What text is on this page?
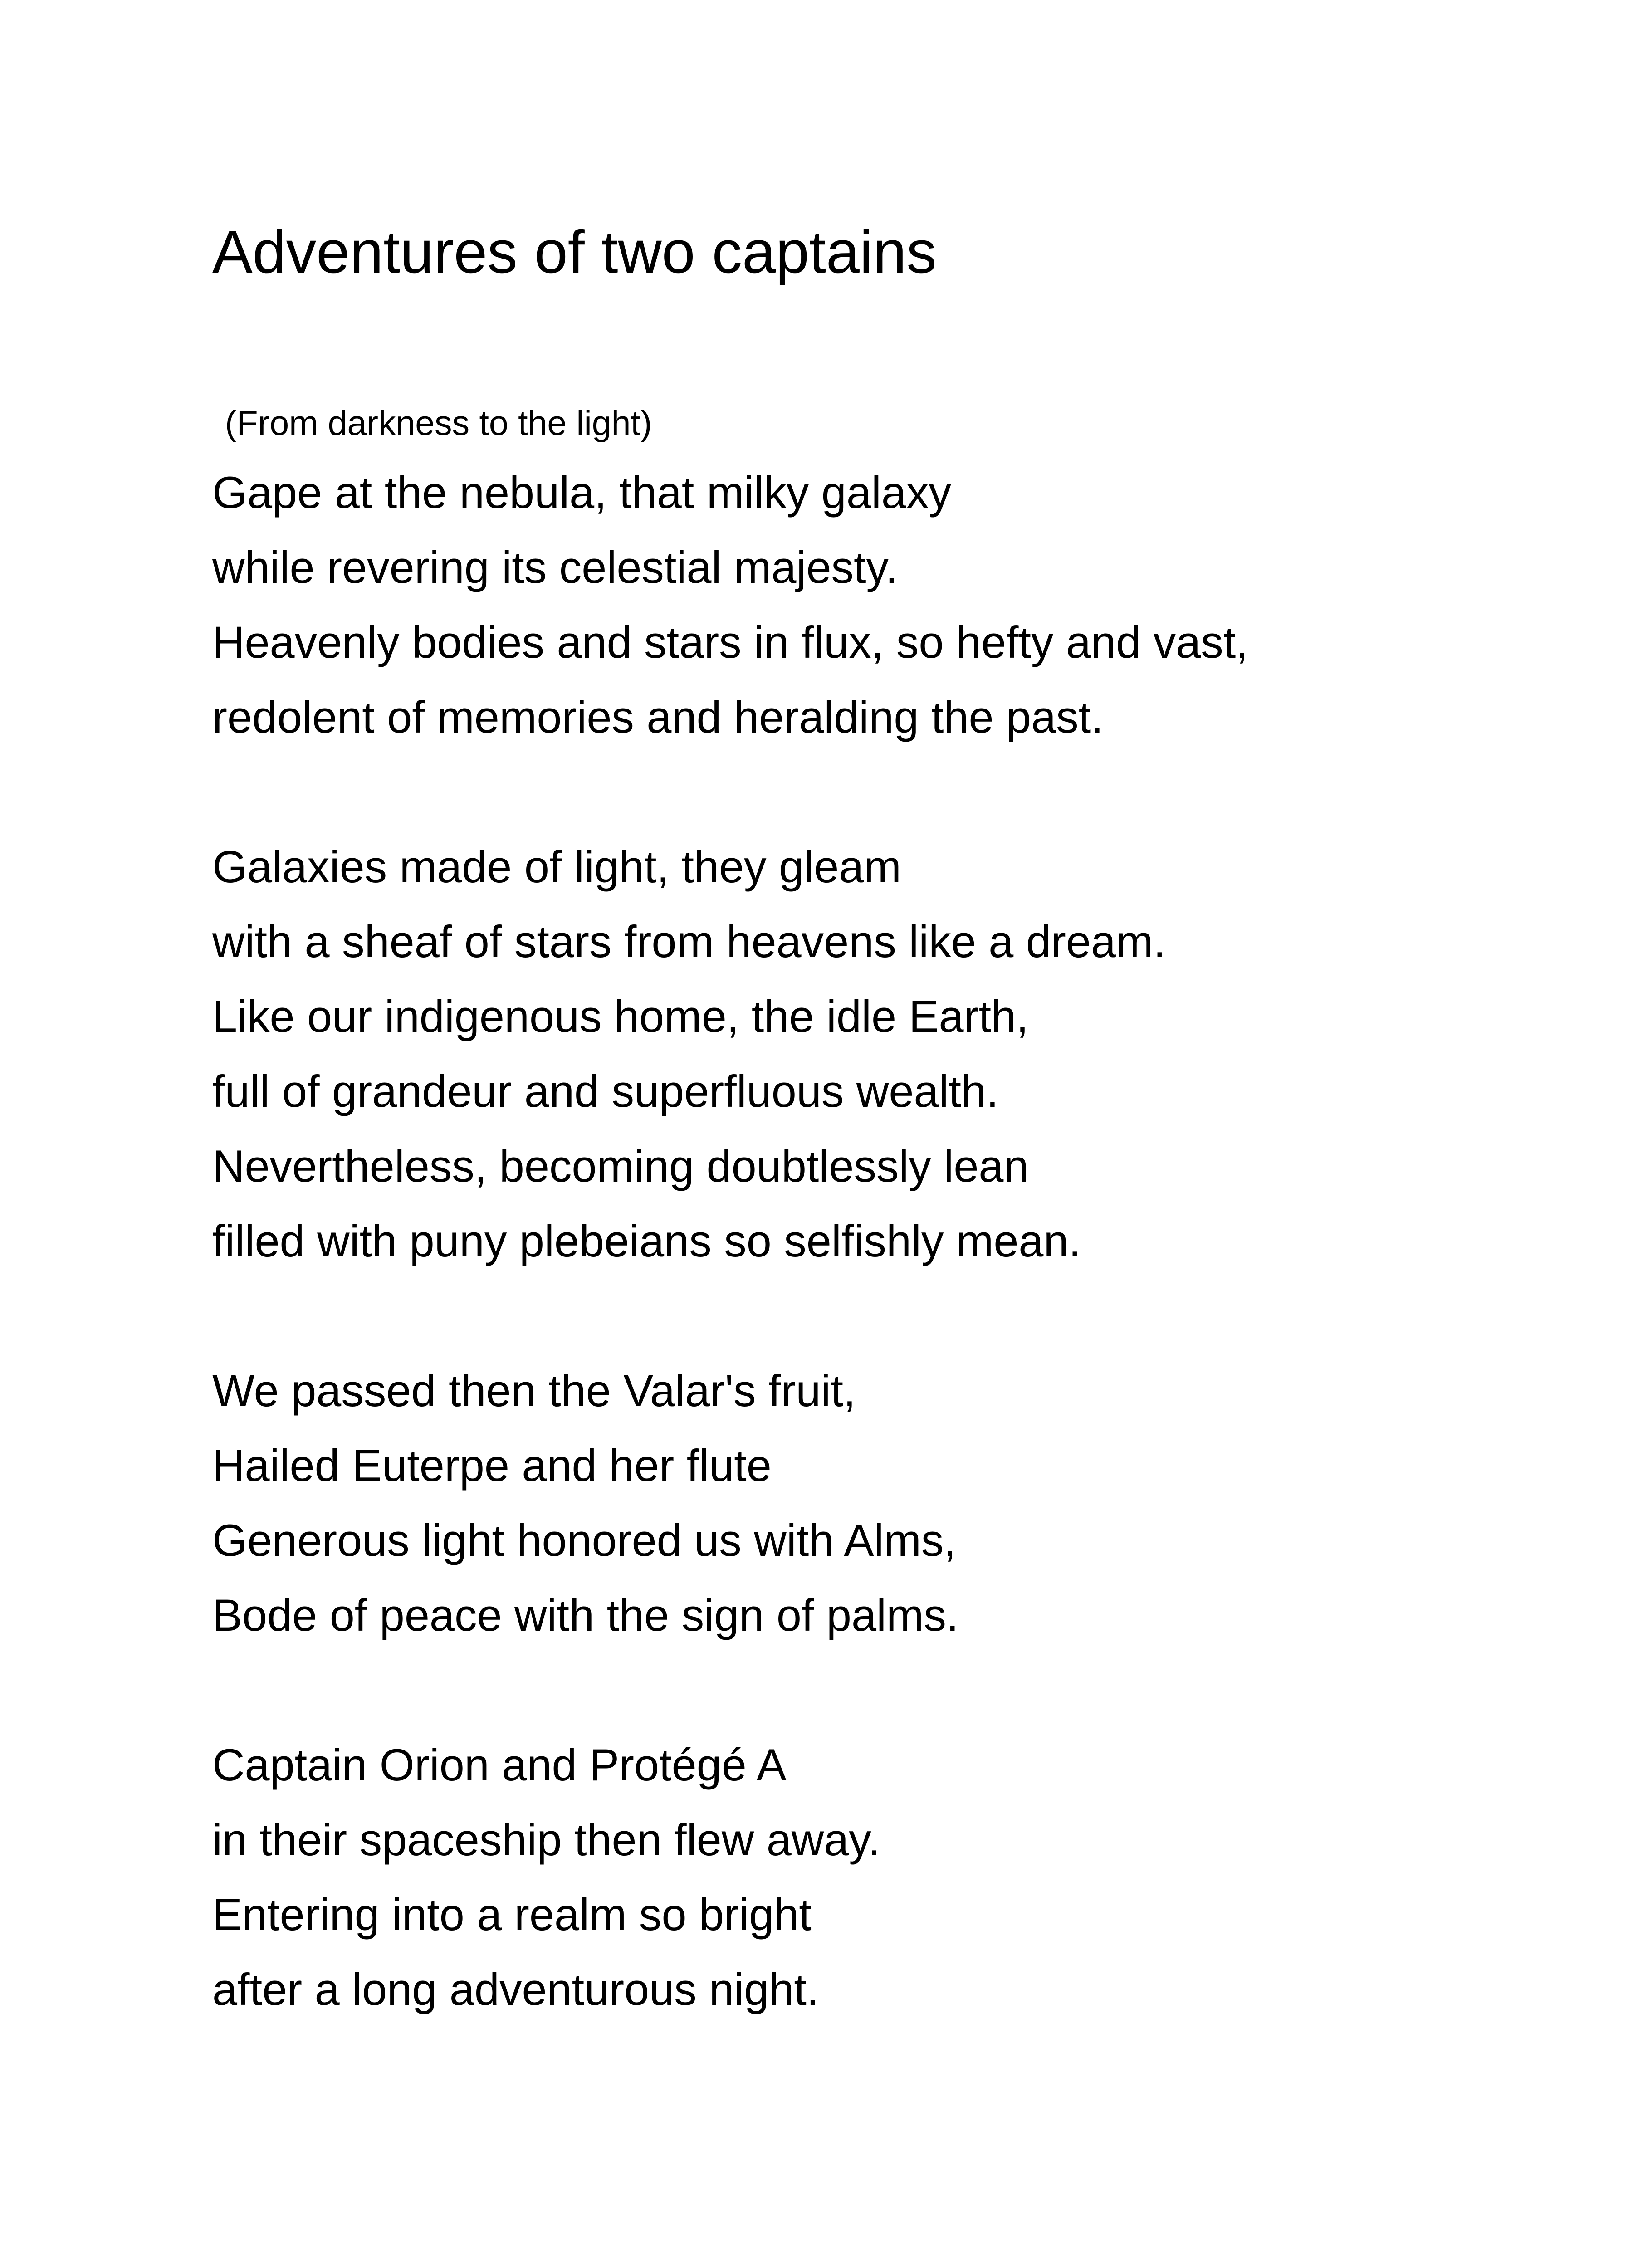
Adventures of two captains

(From darkness to the light)

Gape at the nebula, that milky galaxy
while revering its celestial majesty.
Heavenly bodies and stars in flux, so hefty and vast,
redolent of memories and heralding the past.
Galaxies made of light, they gleam
with a sheaf of stars from heavens like a dream.
Like our indigenous home, the idle Earth,
full of grandeur and superfluous wealth.
Nevertheless, becoming doubtlessly lean
filled with puny plebeians so selfishly mean.
We passed then the Valar's fruit,
Hailed Euterpe and her flute
Generous light honored us with Alms,
Bode of peace with the sign of palms.
Captain Orion and Protégé A
in their spaceship then flew away.
Entering into a realm so bright
after a long adventurous night.
